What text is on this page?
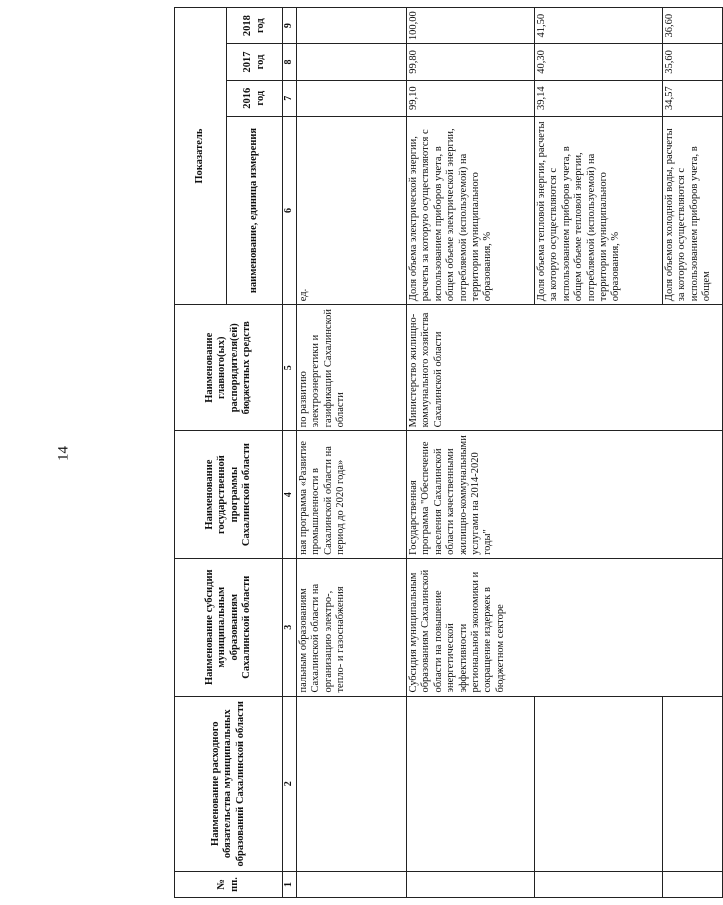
14
№ пп.	Наименование расходного обязательства муниципальных образований Сахалинской области	Наименование субсидии муниципальным образованиям Сахалинской области	Наименование государственной программы Сахалинской области	Наименование главного(ых) распорядителя(ей) бюджетных средств	Показатель			
					наименование, единица измерения	2016 год	2017 год	2018 год
1	2	3	4	5	6	7	8	9
		пальным образованиям Сахалинской области на организацию электро-, тепло- и газоснабжения	ная программа «Развитие промышленности в Сахалинской области на период до 2020 года»	по развитию электроэнергетики и газификации Сахалинской области	ед.			
		Субсидия муниципальным образованиям Сахалинской области на повышение энергетической эффективности региональной экономики и сокращение издержек в бюджетном секторе	Государственная программа "Обеспечение населения Сахалинской области качественными жилищно-коммунальными услугами на 2014-2020 годы"	Министерство жилищно-коммунального хозяйства Сахалинской области	Доля объема электрической энергии, расчеты за которую осуществляются с использованием приборов учета, в общем объеме электрической энергии, потребляемой (используемой) на территории муниципального образования, %	99,10	99,80	100,00
					Доля объема тепловой энергии, расчеты за которую осуществляются с использованием приборов учета, в общем объеме тепловой энергии, потребляемой (используемой) на территории муниципального образования, %	39,14	40,30	41,50
					Доля объемов холодной воды, расчеты за которую осуществляются с использованием приборов учета, в общем	34,57	35,60	36,60
